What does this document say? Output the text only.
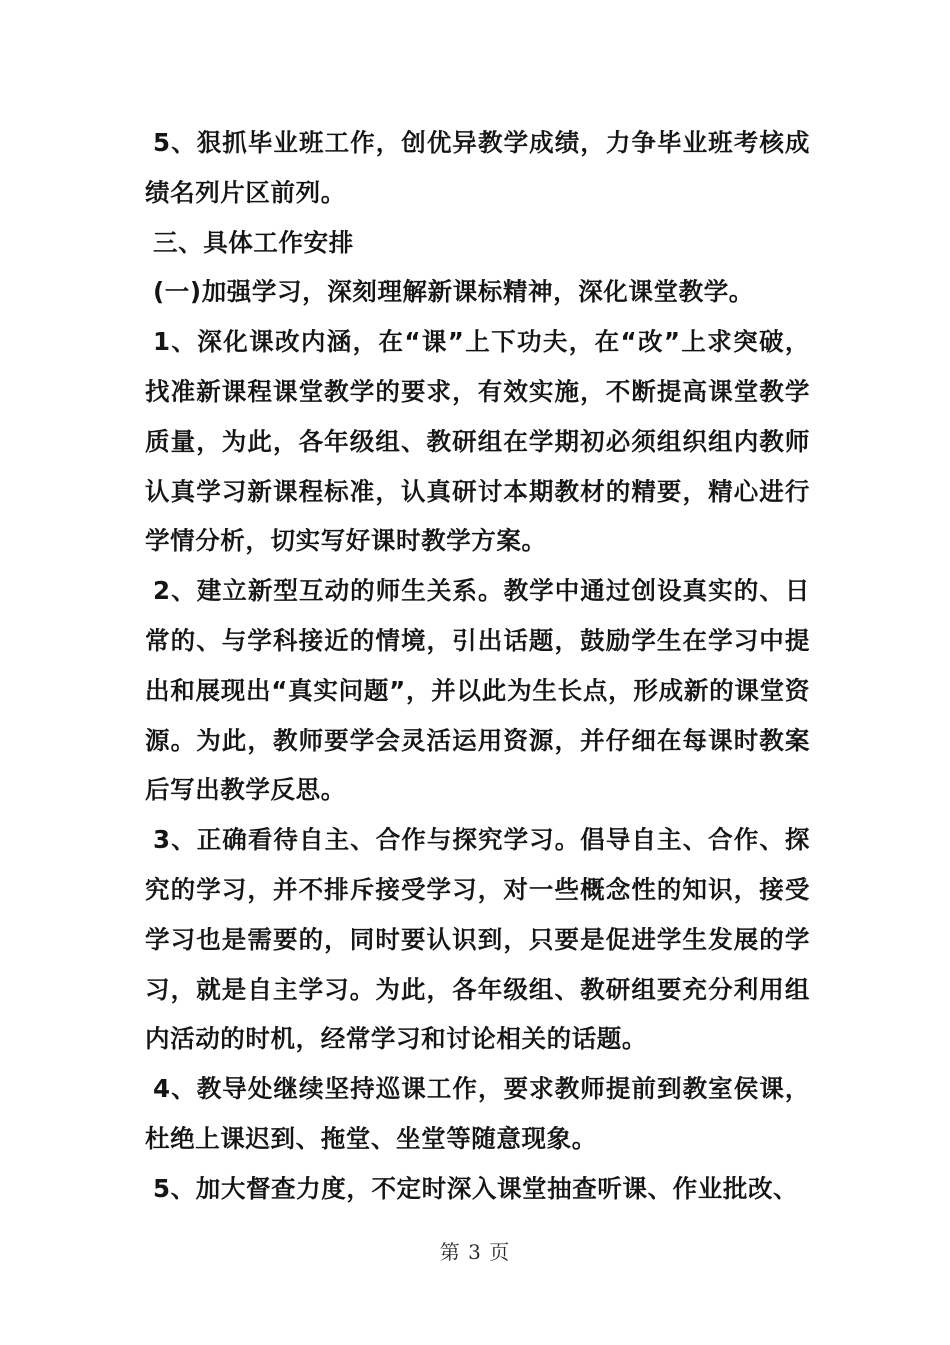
5、狠抓毕业班工作，创优异教学成绩，力争毕业班考核成绩名列片区前列。

三、具体工作安排

(一)加强学习，深刻理解新课标精神，深化课堂教学。

1、深化课改内涵，在“课”上下功夫，在“改”上求突破，找准新课程课堂教学的要求，有效实施，不断提高课堂教学质量，为此，各年级组、教研组在学期初必须组织组内教师认真学习新课程标准，认真研讨本期教材的精要，精心进行学情分析，切实写好课时教学方案。

2、建立新型互动的师生关系。教学中通过创设真实的、日常的、与学科接近的情境，引出话题，鼓励学生在学习中提出和展现出“真实问题”，并以此为生长点，形成新的课堂资源。为此，教师要学会灵活运用资源，并仔细在每课时教案后写出教学反思。

3、正确看待自主、合作与探究学习。倡导自主、合作、探究的学习，并不排斥接受学习，对一些概念性的知识，接受学习也是需要的，同时要认识到，只要是促进学生发展的学习，就是自主学习。为此，各年级组、教研组要充分利用组内活动的时机，经常学习和讨论相关的话题。

4、教导处继续坚持巡课工作，要求教师提前到教室侯课，杜绝上课迟到、拖堂、坐堂等随意现象。

5、加大督查力度，不定时深入课堂抽查听课、作业批改、

第 3 页
